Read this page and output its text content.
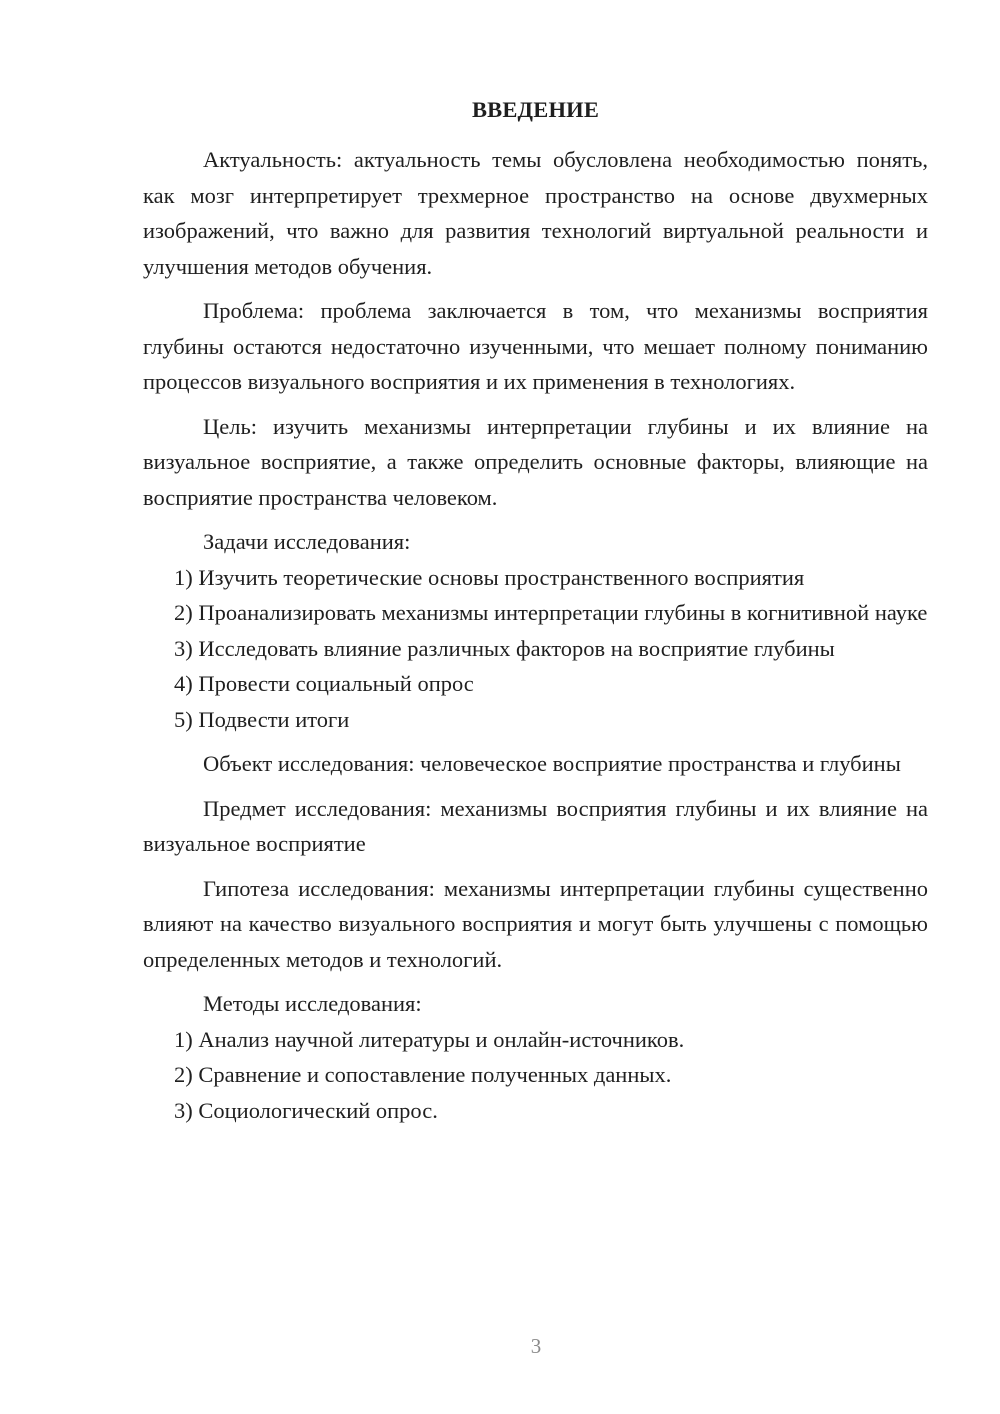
ВВЕДЕНИЕ

Актуальность: актуальность темы обусловлена необходимостью понять, как мозг интерпретирует трехмерное пространство на основе двухмерных изображений, что важно для развития технологий виртуальной реальности и улучшения методов обучения.

Проблема: проблема заключается в том, что механизмы восприятия глубины остаются недостаточно изученными, что мешает полному пониманию процессов визуального восприятия и их применения в технологиях.

Цель: изучить механизмы интерпретации глубины и их влияние на визуальное восприятие, а также определить основные факторы, влияющие на восприятие пространства человеком.

Задачи исследования:

1) Изучить теоретические основы пространственного восприятия

2) Проанализировать механизмы интерпретации глубины в когнитивной науке

3) Исследовать влияние различных факторов на восприятие глубины

4) Провести социальный опрос

5) Подвести итоги

Объект исследования: человеческое восприятие пространства и глубины

Предмет исследования: механизмы восприятия глубины и их влияние на визуальное восприятие

Гипотеза исследования: механизмы интерпретации глубины существенно влияют на качество визуального восприятия и могут быть улучшены с помощью определенных методов и технологий.

Методы исследования:

1) Анализ научной литературы и онлайн-источников.

2) Сравнение и сопоставление полученных данных.

3) Социологический опрос.

3
